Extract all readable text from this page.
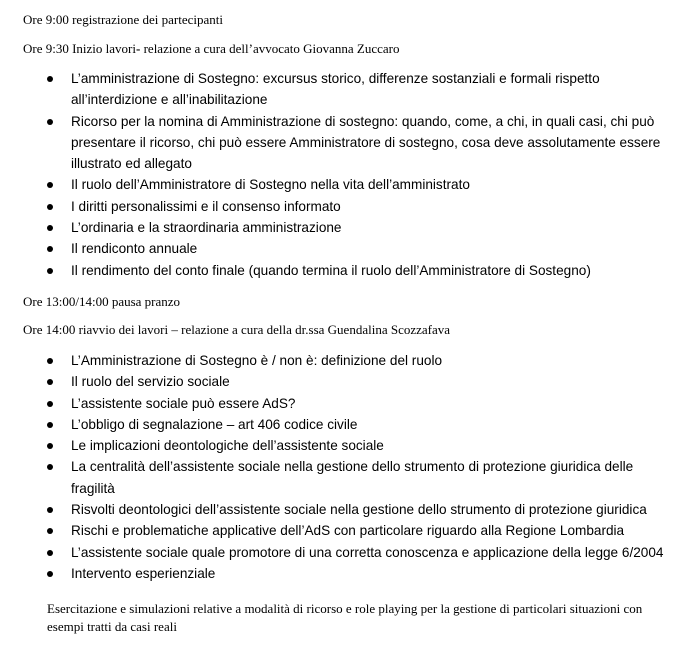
Ore 9:00 registrazione dei partecipanti
Ore 9:30 Inizio lavori- relazione a cura dell’avvocato Giovanna Zuccaro
L’amministrazione di Sostegno: excursus storico, differenze sostanziali e formali rispetto all’interdizione e all’inabilitazione
Ricorso per la nomina di Amministrazione di sostegno: quando, come, a chi, in quali casi, chi può presentare il ricorso, chi può essere Amministratore di sostegno, cosa deve assolutamente essere illustrato ed allegato
Il ruolo dell’Amministratore di Sostegno nella vita dell’amministrato
I diritti personalissimi e il consenso informato
L’ordinaria e la straordinaria amministrazione
Il rendiconto annuale
Il rendimento del conto finale (quando termina il ruolo dell’Amministratore di Sostegno)
Ore 13:00/14:00 pausa pranzo
Ore 14:00 riavvio dei lavori – relazione a cura della dr.ssa Guendalina Scozzafava
L’Amministrazione di Sostegno è / non è: definizione del ruolo
Il ruolo del servizio sociale
L’assistente sociale può essere AdS?
L’obbligo di segnalazione – art 406 codice civile
Le implicazioni deontologiche dell’assistente sociale
La centralità dell’assistente sociale nella gestione dello strumento di protezione giuridica delle fragilità
Risvolti deontologici dell’assistente sociale nella gestione dello strumento di protezione giuridica
Rischi e problematiche applicative dell’AdS con particolare riguardo alla Regione Lombardia
L’assistente sociale quale promotore di una corretta conoscenza e applicazione della legge 6/2004
Intervento esperienziale
Esercitazione e simulazioni relative a modalità di ricorso e role playing per la gestione di particolari situazioni con esempi tratti da casi reali
